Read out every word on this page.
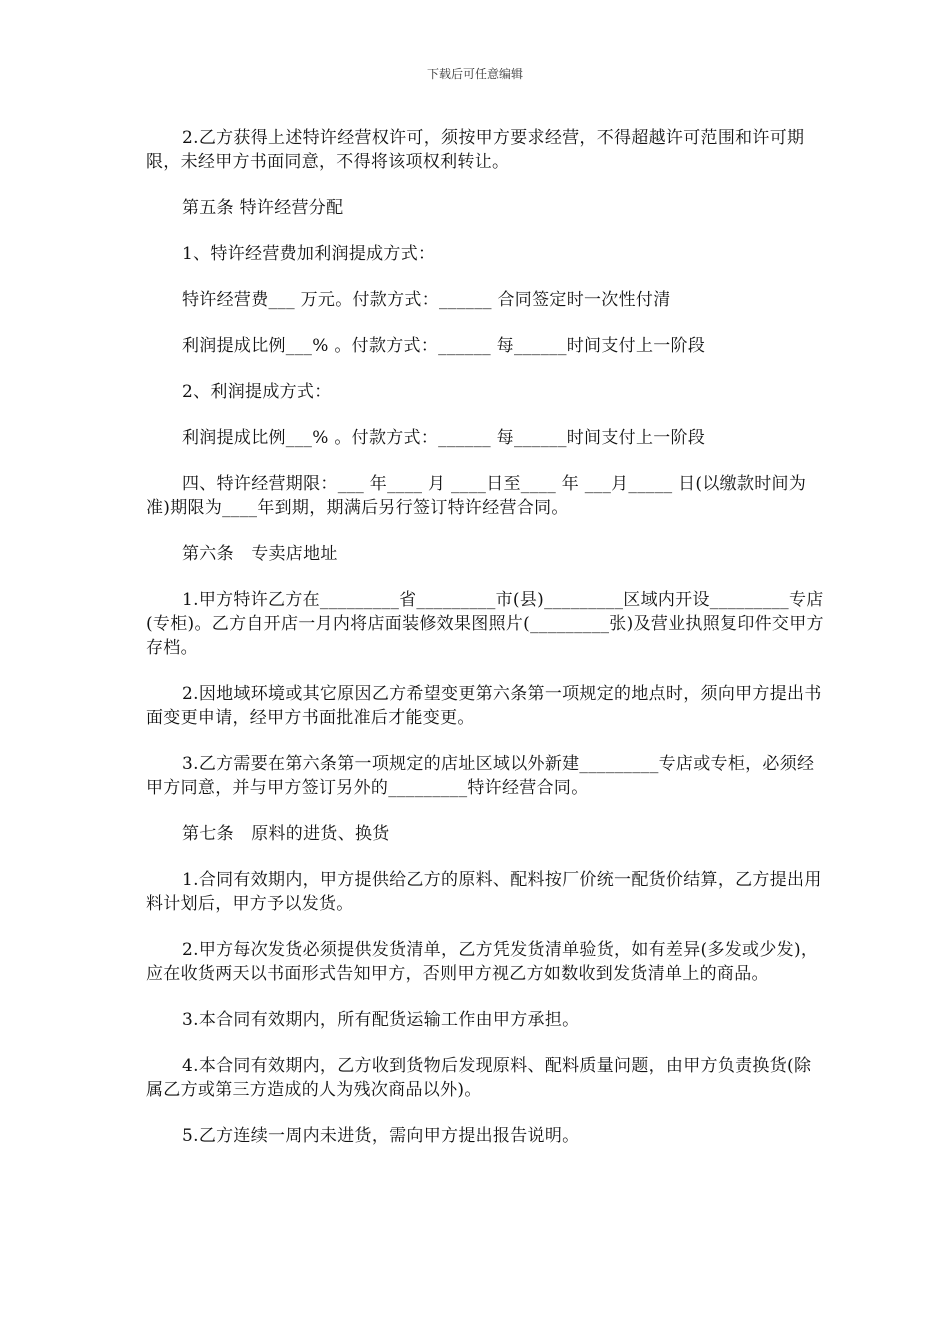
下载后可任意编辑

2.乙方获得上述特许经营权许可，须按甲方要求经营，不得超越许可范围和许可期限，未经甲方书面同意，不得将该项权利转让。

第五条 特许经营分配

1、特许经营费加利润提成方式：

特许经营费___ 万元。付款方式：______ 合同签定时一次性付清

利润提成比例___% 。付款方式：______ 每______时间支付上一阶段

2、利润提成方式：

利润提成比例___% 。付款方式：______ 每______时间支付上一阶段

四、特许经营期限：___ 年____ 月 ____日至____ 年 ___月_____ 日(以缴款时间为准)期限为____年到期，期满后另行签订特许经营合同。

第六条　专卖店地址

1.甲方特许乙方在_________省_________市(县)_________区域内开设_________专店(专柜)。乙方自开店一月内将店面装修效果图照片(_________张)及营业执照复印件交甲方存档。

2.因地域环境或其它原因乙方希望变更第六条第一项规定的地点时，须向甲方提出书面变更申请，经甲方书面批准后才能变更。

3.乙方需要在第六条第一项规定的店址区域以外新建_________专店或专柜，必须经甲方同意，并与甲方签订另外的_________特许经营合同。

第七条　原料的进货、换货

1.合同有效期内，甲方提供给乙方的原料、配料按厂价统一配货价结算，乙方提出用料计划后，甲方予以发货。

2.甲方每次发货必须提供发货清单，乙方凭发货清单验货，如有差异(多发或少发)，应在收货两天以书面形式告知甲方，否则甲方视乙方如数收到发货清单上的商品。

3.本合同有效期内，所有配货运输工作由甲方承担。

4.本合同有效期内，乙方收到货物后发现原料、配料质量问题，由甲方负责换货(除属乙方或第三方造成的人为残次商品以外)。

5.乙方连续一周内未进货，需向甲方提出报告说明。
